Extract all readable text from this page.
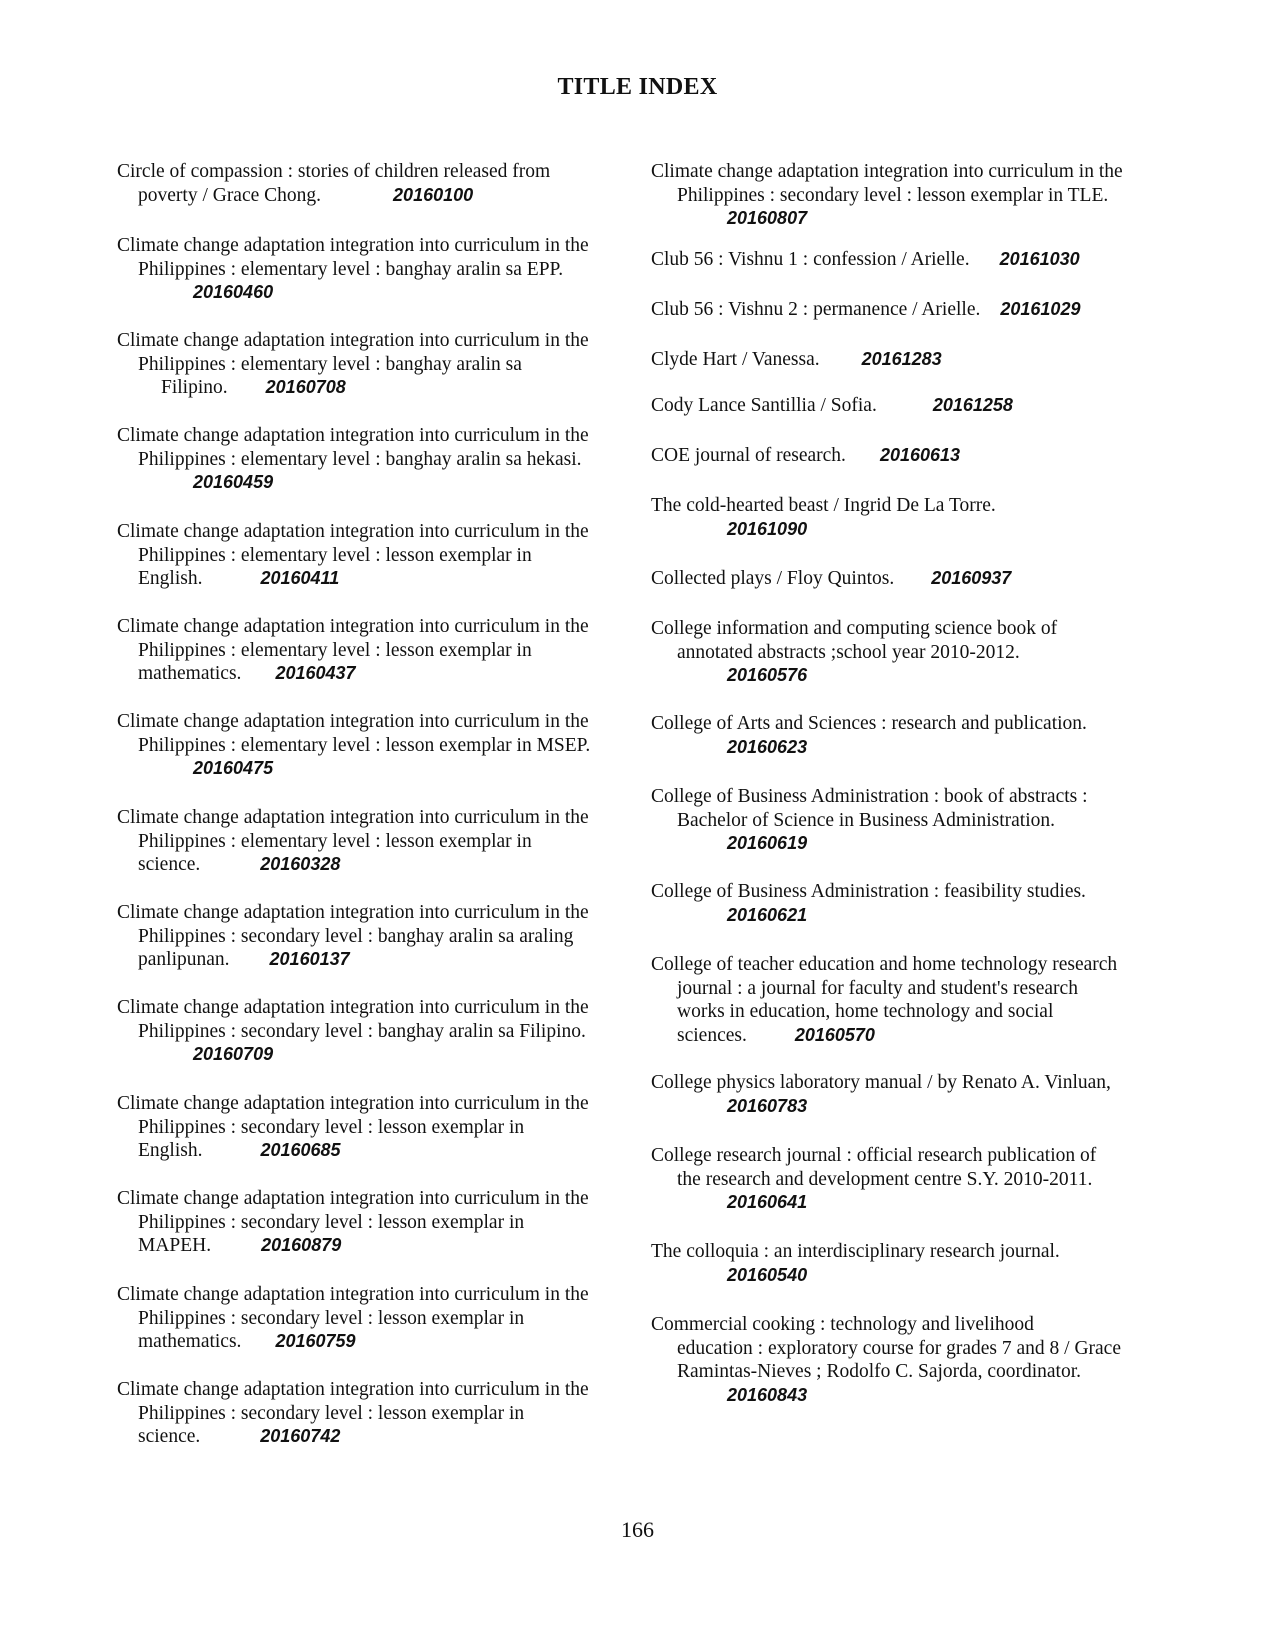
TITLE INDEX
Circle of compassion : stories of children released from
poverty / Grace Chong.	20160100
Climate change adaptation integration into curriculum in the
Philippines : elementary level : banghay aralin sa EPP.
20160460
Climate change adaptation integration into curriculum in the
Philippines : elementary level : banghay aralin sa
Filipino. 20160708
Climate change adaptation integration into curriculum in the
Philippines : elementary level : banghay aralin sa hekasi.
20160459
Climate change adaptation integration into curriculum in the
Philippines : elementary level : lesson exemplar in
English.	20160411
Climate change adaptation integration into curriculum in the
Philippines : elementary level : lesson exemplar in
mathematics. 20160437
Climate change adaptation integration into curriculum in the
Philippines : elementary level : lesson exemplar in MSEP.
20160475
Climate change adaptation integration into curriculum in the
Philippines : elementary level : lesson exemplar in
science.	20160328
Climate change adaptation integration into curriculum in the
Philippines : secondary level : banghay aralin sa araling
panlipunan. 20160137
Climate change adaptation integration into curriculum in the
Philippines : secondary level : banghay aralin sa Filipino.
20160709
Climate change adaptation integration into curriculum in the
Philippines : secondary level : lesson exemplar in
English.	20160685
Climate change adaptation integration into curriculum in the
Philippines : secondary level : lesson exemplar in
MAPEH.	20160879
Climate change adaptation integration into curriculum in the
Philippines : secondary level : lesson exemplar in
mathematics. 20160759
Climate change adaptation integration into curriculum in the
Philippines : secondary level : lesson exemplar in
science.	20160742
Climate change adaptation integration into curriculum in the
Philippines : secondary level : lesson exemplar in TLE.
20160807
Club 56 : Vishnu 1 : confession / Arielle. 20161030
Club 56 : Vishnu 2 : permanence / Arielle. 20161029
Clyde Hart / Vanessa. 20161283
Cody Lance Santillia / Sofia.	20161258
COE journal of research. 20160613
The cold-hearted beast / Ingrid De La Torre.
20161090
Collected plays / Floy Quintos. 20160937
College information and computing science book of
annotated abstracts ;school year 2010-2012.
20160576
College of Arts and Sciences : research and publication.
20160623
College of Business Administration : book of abstracts :
Bachelor of Science in Business Administration.
20160619
College of Business Administration : feasibility studies.
20160621
College of teacher education and home technology research
journal : a journal for faculty and student's research
works in education, home technology and social
sciences.	20160570
College physics laboratory manual / by Renato A. Vinluan,
20160783
College research journal : official research publication of
the research and development centre S.Y. 2010-2011.
20160641
The colloquia : an interdisciplinary research journal.
20160540
Commercial cooking : technology and livelihood
education : exploratory course for grades 7 and 8 / Grace
Ramintas-Nieves ; Rodolfo C. Sajorda, coordinator.
20160843
166
